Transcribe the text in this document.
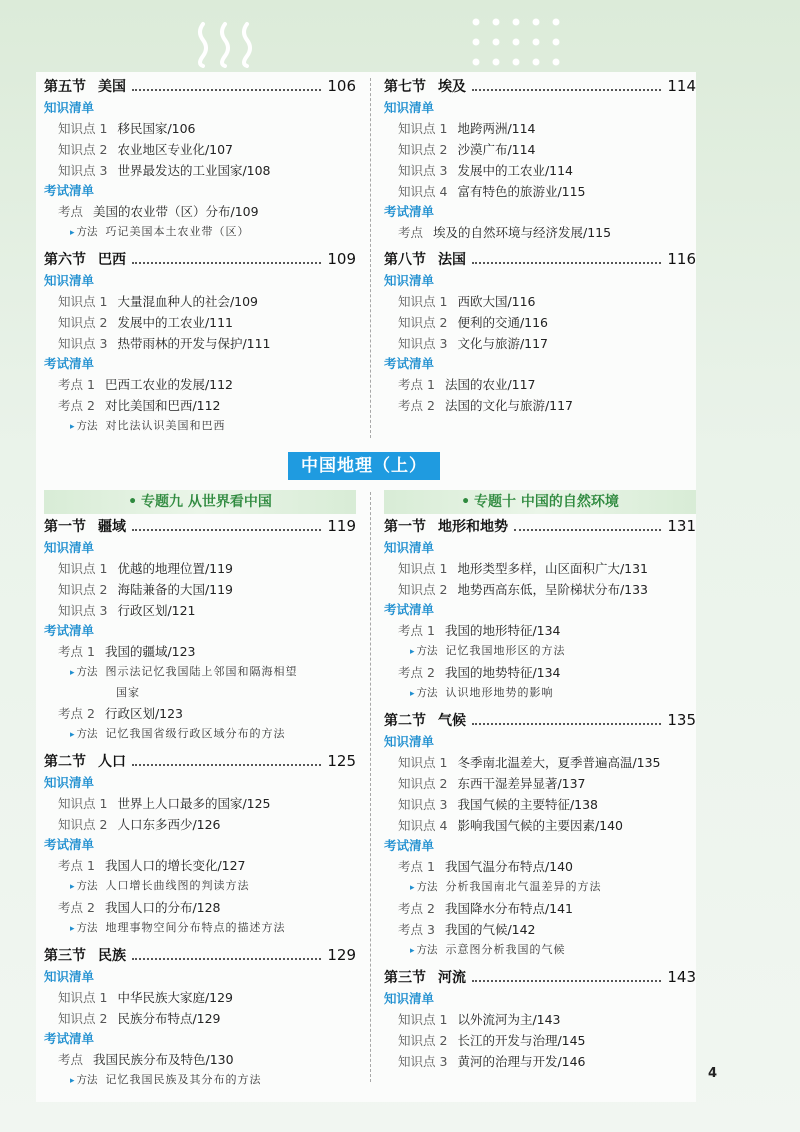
第五节 美国	106
知识清单
知识点 1 移民国家/106
知识点 2 农业地区专业化/107
知识点 3 世界最发达的工业国家/108
考试清单
考点 美国的农业带（区）分布/109
▸ 方法 巧记美国本土农业带（区）
第六节 巴西	109
知识清单
知识点 1 大量混血种人的社会/109
知识点 2 发展中的工农业/111
知识点 3 热带雨林的开发与保护/111
考试清单
考点 1 巴西工农业的发展/112
考点 2 对比美国和巴西/112
▸ 方法 对比法认识美国和巴西
第七节 埃及	114
知识清单
知识点 1 地跨两洲/114
知识点 2 沙漠广布/114
知识点 3 发展中的工农业/114
知识点 4 富有特色的旅游业/115
考试清单
考点 埃及的自然环境与经济发展/115
第八节 法国	116
知识清单
知识点 1 西欧大国/116
知识点 2 便利的交通/116
知识点 3 文化与旅游/117
考试清单
考点 1 法国的农业/117
考点 2 法国的文化与旅游/117
中国地理（上）
• 专题九 从世界看中国	• 专题十 中国的自然环境
第一节 疆域	119
知识清单
知识点 1 优越的地理位置/119
知识点 2 海陆兼备的大国/119
知识点 3 行政区划/121
考试清单
考点 1 我国的疆域/123
▸ 方法 图示法记忆我国陆上邻国和隔海相望
国家
考点 2 行政区划/123
▸ 方法 记忆我国省级行政区域分布的方法
第二节 人口	125
知识清单
知识点 1 世界上人口最多的国家/125
知识点 2 人口东多西少/126
考试清单
考点 1 我国人口的增长变化/127
▸ 方法 人口增长曲线图的判读方法
考点 2 我国人口的分布/128
▸ 方法 地理事物空间分布特点的描述方法
第三节 民族	129
知识清单
知识点 1 中华民族大家庭/129
知识点 2 民族分布特点/129
考试清单
考点 我国民族分布及特色/130
▸ 方法 记忆我国民族及其分布的方法
第一节 地形和地势	131
知识清单
知识点 1 地形类型多样，山区面积广大/131
知识点 2 地势西高东低，呈阶梯状分布/133
考试清单
考点 1 我国的地形特征/134
▸ 方法 记忆我国地形区的方法
考点 2 我国的地势特征/134
▸ 方法 认识地形地势的影响
第二节 气候	135
知识清单
知识点 1 冬季南北温差大，夏季普遍高温/135
知识点 2 东西干湿差异显著/137
知识点 3 我国气候的主要特征/138
知识点 4 影响我国气候的主要因素/140
考试清单
考点 1 我国气温分布特点/140
▸ 方法 分析我国南北气温差异的方法
考点 2 我国降水分布特点/141
考点 3 我国的气候/142
▸ 方法 示意图分析我国的气候
第三节 河流	143
知识清单
知识点 1 以外流河为主/143
知识点 2 长江的开发与治理/145
知识点 3 黄河的治理与开发/146
4
